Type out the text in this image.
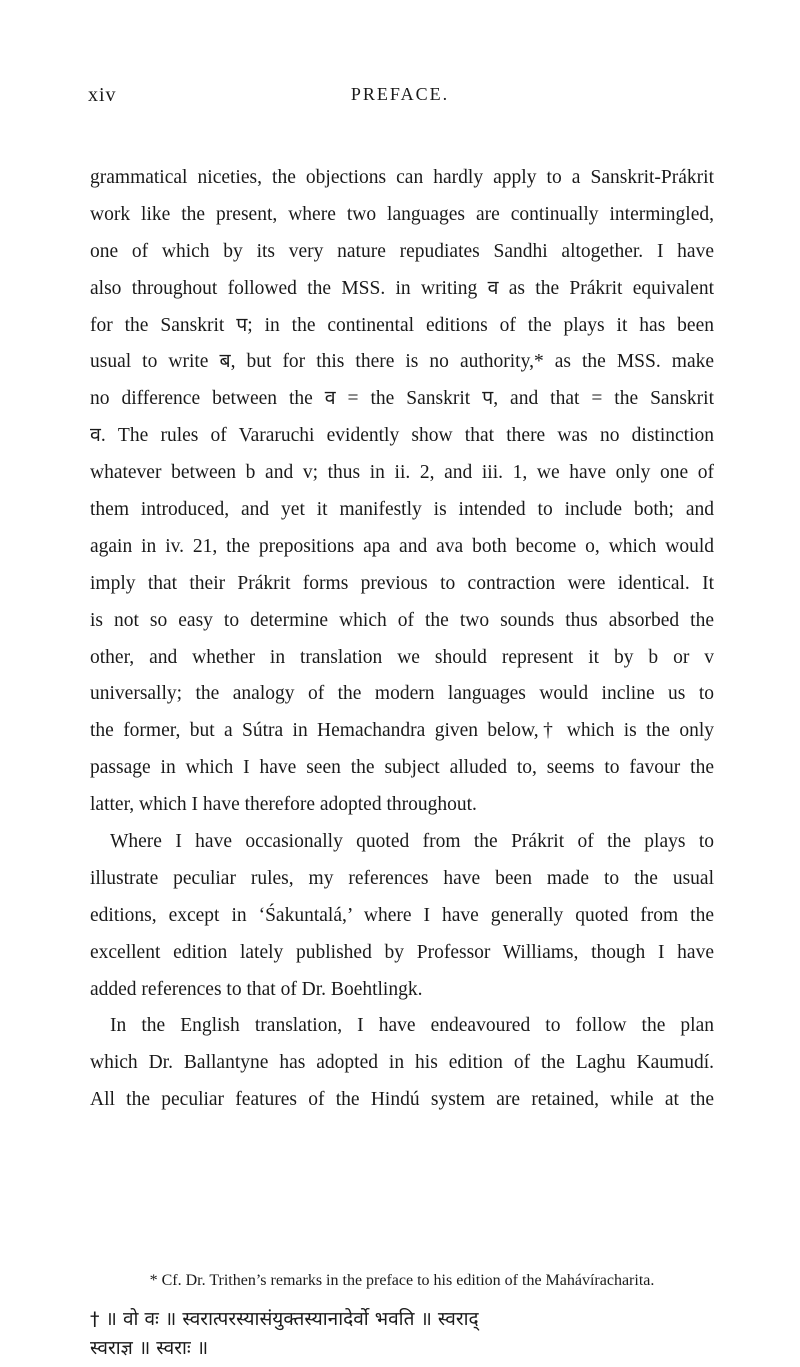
xiv	PREFACE.
grammatical niceties, the objections can hardly apply to a Sanskrit-Prákrit
work like the present, where two languages are continually intermingled,
one of which by its very nature repudiates Sandhi altogether. I have
also throughout followed the MSS. in writing व as the Prákrit equivalent
for the Sanskrit प; in the continental editions of the plays it has been
usual to write ब, but for this there is no authority,* as the MSS. make
no difference between the व = the Sanskrit प, and that = the Sanskrit
व. The rules of Vararuchi evidently show that there was no distinction
whatever between b and v; thus in ii. 2, and iii. 1, we have only one of
them introduced, and yet it manifestly is intended to include both; and
again in iv. 21, the prepositions apa and ava both become o, which would
imply that their Prákrit forms previous to contraction were identical. It
is not so easy to determine which of the two sounds thus absorbed the
other, and whether in translation we should represent it by b or v
universally; the analogy of the modern languages would incline us to
the former, but a Sútra in Hemachandra given below,† which is the only
passage in which I have seen the subject alluded to, seems to favour the
latter, which I have therefore adopted throughout.
Where I have occasionally quoted from the Prákrit of the plays to
illustrate peculiar rules, my references have been made to the usual
editions, except in ‘Śakuntalá,’ where I have generally quoted from the
excellent edition lately published by Professor Williams, though I have
added references to that of Dr. Boehtlingk.
In the English translation, I have endeavoured to follow the plan
which Dr. Ballantyne has adopted in his edition of the Laghu Kaumudí.
All the peculiar features of the Hindú system are retained, while at the
* Cf. Dr. Trithen’s remarks in the preface to his edition of the Mahávíracharita.
† ॥ वो वः ॥ स्वरात्परस्यासंयुक्तस्यानादेर्वो भवति ॥ स्वराद्
स्वराज्ञ ॥ स्वराः ॥
